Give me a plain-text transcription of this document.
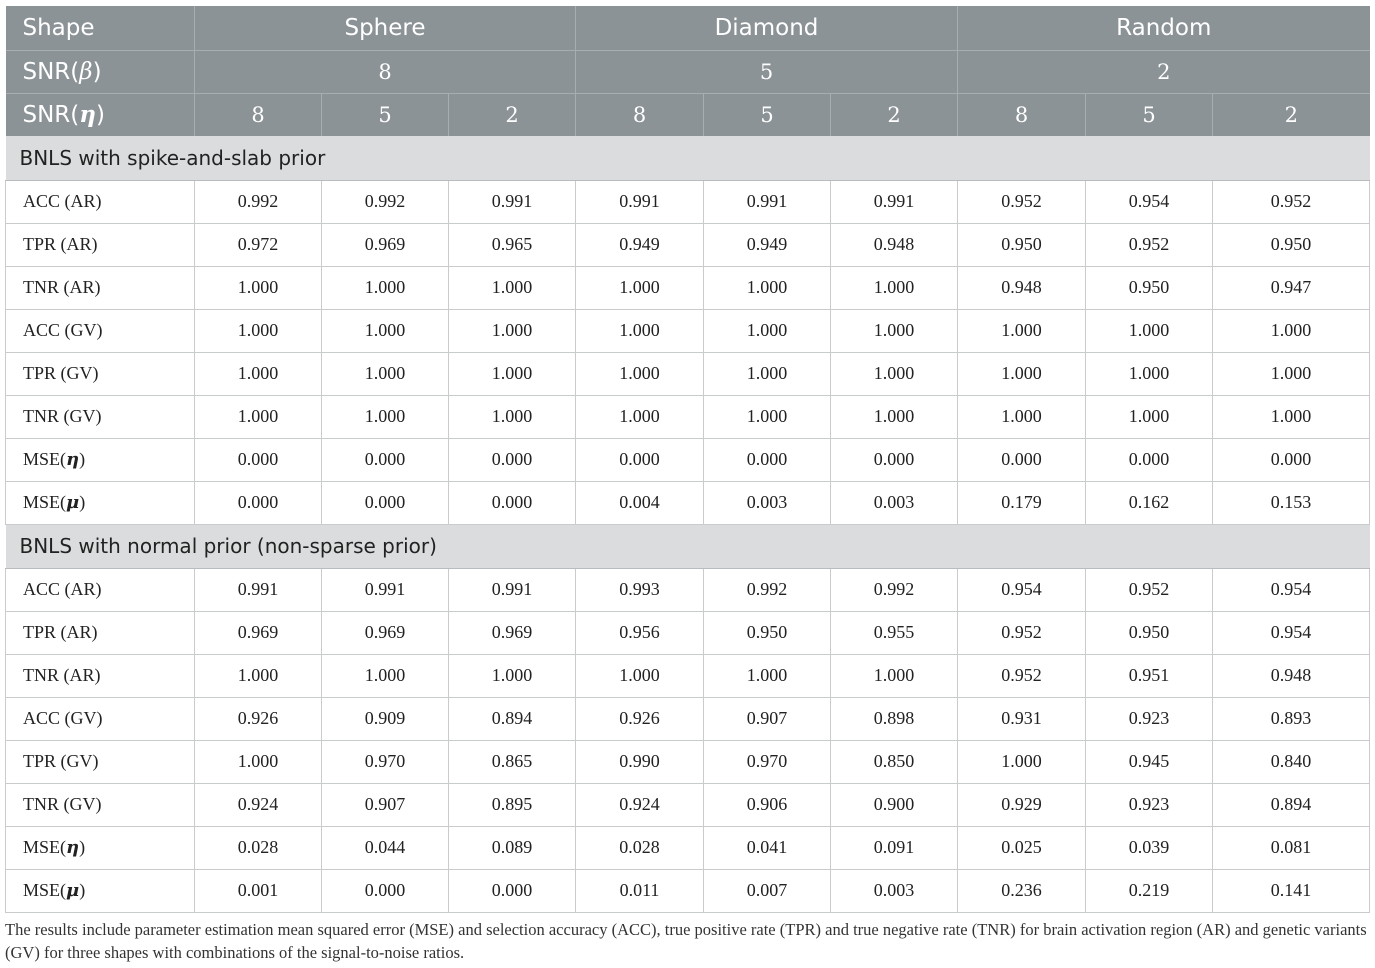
Shape	Sphere			Diamond			Random		
SNR(β)	8			5			2		
SNR(η)	8	5	2	8	5	2	8	5	2
BNLS with spike-and-slab prior									
ACC (AR)	0.992	0.992	0.991	0.991	0.991	0.991	0.952	0.954	0.952
TPR (AR)	0.972	0.969	0.965	0.949	0.949	0.948	0.950	0.952	0.950
TNR (AR)	1.000	1.000	1.000	1.000	1.000	1.000	0.948	0.950	0.947
ACC (GV)	1.000	1.000	1.000	1.000	1.000	1.000	1.000	1.000	1.000
TPR (GV)	1.000	1.000	1.000	1.000	1.000	1.000	1.000	1.000	1.000
TNR (GV)	1.000	1.000	1.000	1.000	1.000	1.000	1.000	1.000	1.000
MSE(η)	0.000	0.000	0.000	0.000	0.000	0.000	0.000	0.000	0.000
MSE(μ)	0.000	0.000	0.000	0.004	0.003	0.003	0.179	0.162	0.153
BNLS with normal prior (non-sparse prior)									
ACC (AR)	0.991	0.991	0.991	0.993	0.992	0.992	0.954	0.952	0.954
TPR (AR)	0.969	0.969	0.969	0.956	0.950	0.955	0.952	0.950	0.954
TNR (AR)	1.000	1.000	1.000	1.000	1.000	1.000	0.952	0.951	0.948
ACC (GV)	0.926	0.909	0.894	0.926	0.907	0.898	0.931	0.923	0.893
TPR (GV)	1.000	0.970	0.865	0.990	0.970	0.850	1.000	0.945	0.840
TNR (GV)	0.924	0.907	0.895	0.924	0.906	0.900	0.929	0.923	0.894
MSE(η)	0.028	0.044	0.089	0.028	0.041	0.091	0.025	0.039	0.081
MSE(μ)	0.001	0.000	0.000	0.011	0.007	0.003	0.236	0.219	0.141
The results include parameter estimation mean squared error (MSE) and selection accuracy (ACC), true positive rate (TPR) and true negative rate (TNR) for brain activation region (AR) and genetic variants (GV) for three shapes with combinations of the signal-to-noise ratios.
